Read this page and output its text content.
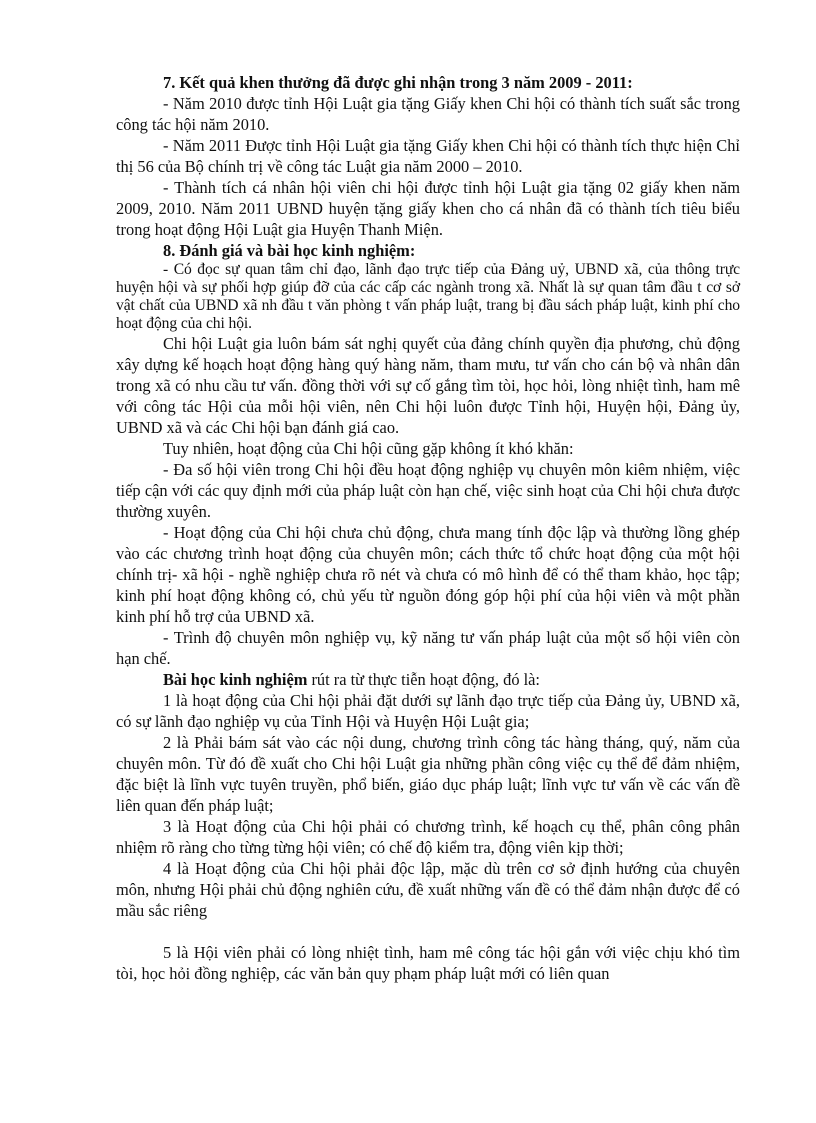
7. Kết quả khen thưởng đã được ghi nhận trong 3 năm 2009 - 2011:

- Năm 2010 được tỉnh Hội Luật gia tặng Giấy khen Chi hội có thành tích suất sắc trong công tác hội năm 2010.

- Năm 2011 Được tỉnh Hội Luật gia tặng Giấy khen Chi hội có thành tích thực hiện Chỉ thị 56 của Bộ chính trị về công tác Luật gia năm 2000 – 2010.

- Thành tích cá nhân hội viên chi hội được tỉnh hội Luật gia tặng 02 giấy khen năm 2009, 2010. Năm 2011 UBND huyện tặng giấy khen cho cá nhân đã có thành tích tiêu biểu trong hoạt động Hội Luật gia Huyện Thanh Miện.

8. Đánh giá và bài học kinh nghiệm:

- Có đọc sự quan tâm chỉ đạo, lãnh đạo trực tiếp của Đảng uỷ, UBND xã, của thông trực huyện hội và sự phối hợp giúp đỡ của các cấp các ngành trong xã. Nhất là sự quan tâm đầu t cơ sở vật chất của UBND xã nh đầu t văn phòng t vấn pháp luật, trang bị đầu sách pháp luật, kinh phí cho hoạt động của chi hội.

Chi hội Luật gia luôn bám sát nghị quyết của đảng chính quyền địa phương, chủ động xây dựng kế hoạch hoạt động hàng quý hàng năm, tham mưu, tư vấn cho cán bộ và nhân dân trong xã có nhu cầu tư vấn. đồng thời với sự cố gắng tìm tòi, học hỏi, lòng nhiệt tình, ham mê với công tác Hội của mỗi hội viên, nên Chi hội luôn được Tỉnh hội, Huyện hội, Đảng ủy, UBND xã và các Chi hội bạn đánh giá cao.

Tuy nhiên, hoạt động của Chi hội cũng gặp không ít khó khăn:

- Đa số hội viên trong Chi hội đều hoạt động nghiệp vụ chuyên môn kiêm nhiệm, việc tiếp cận với các quy định mới của pháp luật còn hạn chế, việc sinh hoạt của Chi hội chưa được thường xuyên.

- Hoạt động của Chi hội chưa chủ động, chưa mang tính độc lập và thường lồng ghép vào các chương trình hoạt động của chuyên môn; cách thức tổ chức hoạt động của một hội chính trị- xã hội - nghề nghiệp chưa rõ nét và chưa có mô hình để có thể tham khảo, học tập; kinh phí hoạt động không có, chủ yếu từ nguồn đóng góp hội phí của hội viên và một phần kinh phí hỗ trợ của UBND xã.

- Trình độ chuyên môn nghiệp vụ, kỹ năng tư vấn pháp luật của một số hội viên còn hạn chế.

Bài học kinh nghiệm rút ra từ thực tiễn hoạt động, đó là:

1 là hoạt động của Chi hội phải đặt dưới sự lãnh đạo trực tiếp của Đảng ủy, UBND xã, có sự lãnh đạo nghiệp vụ của Tỉnh Hội và Huyện Hội Luật gia;

2 là Phải bám sát vào các nội dung, chương trình công tác hàng tháng, quý, năm của chuyên môn. Từ đó đề xuất cho Chi hội Luật gia những phần công việc cụ thể để đảm nhiệm, đặc biệt là lĩnh vực tuyên truyền, phổ biến, giáo dục pháp luật; lĩnh vực tư vấn về các vấn đề liên quan đến pháp luật;

3 là Hoạt động của Chi hội phải có chương trình, kế hoạch cụ thể, phân công phân nhiệm rõ ràng cho từng từng hội viên; có chế độ kiểm tra, động viên kịp thời;

4 là Hoạt động của Chi hội phải độc lập, mặc dù trên cơ sở định hướng của chuyên môn, nhưng Hội phải chủ động nghiên cứu, đề xuất những vấn đề có thể đảm nhận được để có mầu sắc riêng

5 là Hội viên phải có lòng nhiệt tình, ham mê công tác hội gắn với việc chịu khó tìm tòi, học hỏi đồng nghiệp, các văn bản quy phạm pháp luật mới có liên quan
